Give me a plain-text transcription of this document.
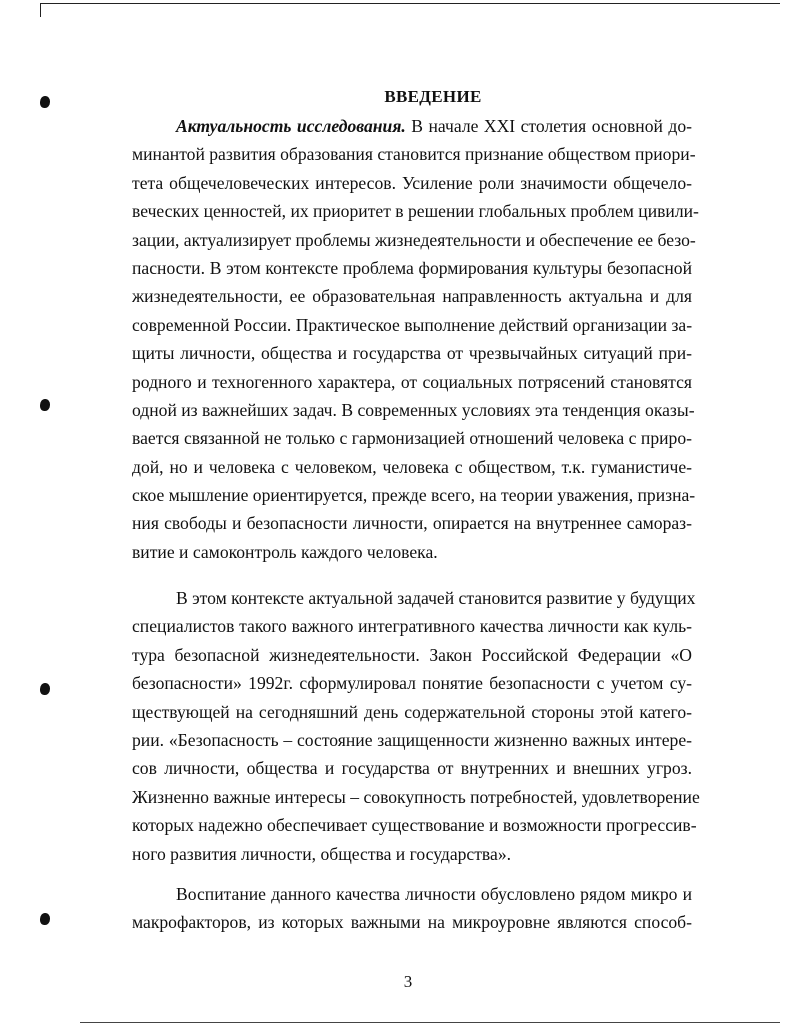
ВВЕДЕНИЕ
Актуальность исследования. В начале XXI столетия основной до-
минантой развития образования становится признание обществом приори-
тета общечеловеческих интересов. Усиление роли значимости общечело-
веческих ценностей, их приоритет в решении глобальных проблем цивили-
зации, актуализирует проблемы жизнедеятельности и обеспечение ее безо-
пасности. В этом контексте проблема формирования культуры безопасной
жизнедеятельности, ее образовательная направленность актуальна и для
современной России. Практическое выполнение действий организации за-
щиты личности, общества и государства от чрезвычайных ситуаций при-
родного и техногенного характера, от социальных потрясений становятся
одной из важнейших задач. В современных условиях эта тенденция оказы-
вается связанной не только с гармонизацией отношений человека с приро-
дой, но и человека с человеком, человека с обществом, т.к. гуманистиче-
ское мышление ориентируется, прежде всего, на теории уважения, призна-
ния свободы и безопасности личности, опирается на внутреннее самораз-
витие и самоконтроль каждого человека.
В этом контексте актуальной задачей становится развитие у будущих
специалистов такого важного интегративного качества личности как куль-
тура безопасной жизнедеятельности. Закон Российской Федерации «О
безопасности» 1992г. сформулировал понятие безопасности с учетом су-
ществующей на сегодняшний день содержательной стороны этой катего-
рии. «Безопасность – состояние защищенности жизненно важных интере-
сов личности, общества и государства от внутренних и внешних угроз.
Жизненно важные интересы – совокупность потребностей, удовлетворение
которых надежно обеспечивает существование и возможности прогрессив-
ного развития личности, общества и государства».
Воспитание данного качества личности обусловлено рядом микро и
макрофакторов, из которых важными на микроуровне являются способ-
3
